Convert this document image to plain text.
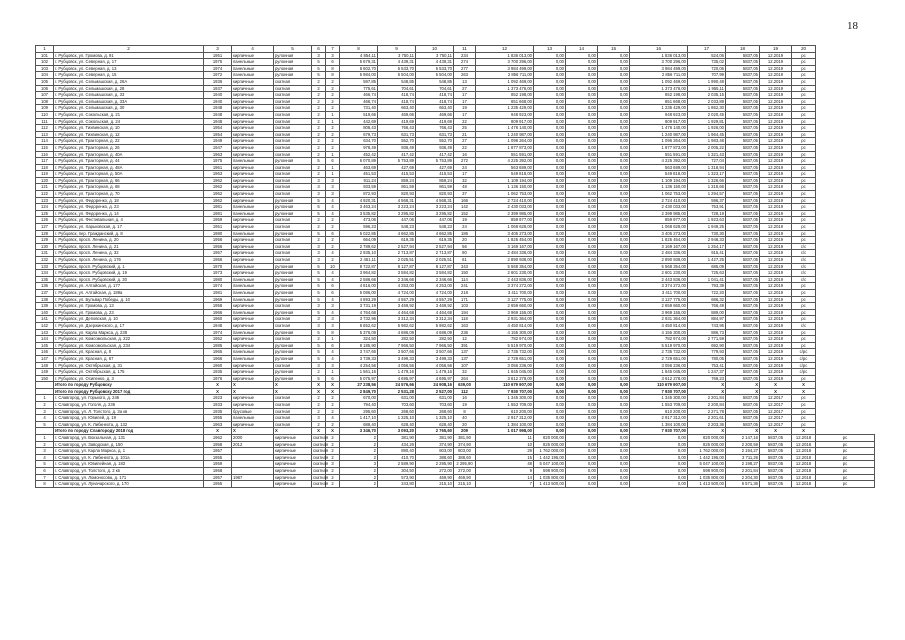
18
1	2	3	4	5	6	7	8	9	10	11	12	13	14	15	16	17	18	19	20	
101	г. Рубцовск, ул. Громова, д. 91	1951	кирпичные	рулонная	3	3	4 854,11	3 750,11	3 750,11	234	1 836 013,00	0,00	0,00	0,00	1 836 013,00	524,06	5837,05	12.2019	рс	
102	г. Рубцовск, ул. Северная, д. 17	1975	панельные	рулонная	5	6	5 679,31	4 439,31	4 439,31	274	3 700 296,00	0,00	0,00	0,00	3 700 296,00	735,02	5837,05	12.2019	рс	
103	г. Рубцовск, ул. Северная, д. 13	1974	панельные	рулонная	5	8	6 602,70	5 533,70	5 533,70	277	3 984 499,00	0,00	0,00	0,00	3 984 499,00	720,06	5837,05	12.2019	рс	
104	г. Рубцовск, ул. Северная, д. 15	1972	панельные	рулонная	5	8	5 984,00	5 504,00	5 504,00	263	2 856 711,00	0,00	0,00	0,00	2 856 711,00	707,99	5837,05	12.2019	рс	
105	г. Рубцовск, ул. Сельмашская, д. 26А	1936	кирпичные	скатная	2	2	597,85	548,85	548,85	13	1 092 469,00	0,00	0,00	0,00	1 092 469,00	1 990,48	5837,05	12.2019	рс	
106	г. Рубцовск, ул. Сельмашская, д. 28	1937	кирпичные	скатная	2	2	775,61	704,61	704,61	27	1 373 476,00	0,00	0,00	0,00	1 373 476,00	1 955,11	5837,05	12.2019	рс	
107	г. Рубцовск, ул. Сельмашская, д. 33	1940	кирпичные	скатная	2	2	466,74	418,74	418,74	17	852 198,00	0,00	0,00	0,00	852 198,00	2 035,15	5837,05	12.2019	рс	
108	г. Рубцовск, ул. Сельмашская, д. 33А	1940	кирпичные	скатная	2	2	466,74	418,74	418,74	17	851 668,00	0,00	0,00	0,00	851 668,00	2 033,89	5837,05	12.2019	рс	
109	г. Рубцовск, ул. Сельмашская, д. 30	1948	кирпичные	скатная	2	2	731,40	663,40	663,40	19	1 235 429,00	0,00	0,00	0,00	1 235 429,00	1 862,30	5837,05	12.2019	рс	
110	г. Рубцовск, ул. Сокольская, д. 21	1948	кирпичные	скатная	2	1	519,66	469,66	469,66	17	948 923,00	0,00	0,00	0,00	948 923,00	2 020,45	5837,05	12.2019	рс	
111	г. Рубцовск, ул. Сокольская, д. 24	1948	кирпичные	скатная	2	1	442,69	419,69	419,69	22	809 917,00	0,00	0,00	0,00	809 917,00	1 929,81	5837,05	12.2019	рс	
112	г. Рубцовск, ул. Тихвинская, д. 10	1954	кирпичные	скатная	2	2	808,43	766,43	766,43	25	1 476 140,00	0,00	0,00	0,00	1 476 140,00	1 926,00	5837,05	12.2019	рс	
113	г. Рубцовск, ул. Тихвинская, д. 12	1954	кирпичные	скатная	2	2	679,73	631,73	631,73	21	1 240 987,00	0,00	0,00	0,00	1 240 987,00	1 964,45	5837,05	12.2019	рс	
114	г. Рубцовск, ул. Тракторная, д. 22	1949	кирпичные	скатная	2	2	634,70	552,70	552,70	27	1 096 264,00	0,00	0,00	0,00	1 096 264,00	1 983,48	5837,05	12.2019	рс	
115	г. Рубцовск, ул. Тракторная, д. 26	1947	кирпичные	скатная	2	2	978,49	936,49	936,49	22	1 877 873,00	0,00	0,00	0,00	1 877 873,00	2 005,22	5837,05	12.2019	рс	
116	г. Рубцовск, ул. Тракторная, д. 40А	1963	кирпичные	скатная	2	1	452,42	417,42	417,42	16	551 591,00	0,00	0,00	0,00	551 591,00	1 321,43	5837,05	12.2019	рс	
117	г. Рубцовск, ул. Тракторная, д. 44	1975	панельные	рулонная	5	6	6 070,89	5 753,89	5 753,89	272	4 225 392,00	0,00	0,00	0,00	4 225 392,00	727,04	5837,05	12.2019	рс	
118	г. Рубцовск, ул. Тракторная, д. 48А	1961	кирпичные	скатная	2	1	463,69	427,69	427,69	24	563 689,00	0,00	0,00	0,00	563 689,00	1 318,94	5837,05	12.2019	рс	
119	г. Рубцовск, ул. Тракторная, д. 50А	1963	кирпичные	скатная	2	1	451,53	415,53	415,53	17	549 818,00	0,00	0,00	0,00	549 818,00	1 323,17	5837,05	12.2019	рс	
120	г. Рубцовск, ул. Тракторная, д. 66	1962	кирпичные	скатная	3	3	911,24	859,24	859,24	32	1 109 194,00	0,00	0,00	0,00	1 109 194,00	1 326,66	5837,05	12.2019	рс	
121	г. Рубцовск, ул. Тракторная, д. 68	1962	кирпичные	скатная	3	3	933,59	861,59	861,59	48	1 136 150,00	0,00	0,00	0,00	1 136 150,00	1 318,66	5837,05	12.2019	рс	
122	г. Рубцовск, ул. Тракторная, д. 70	1962	кирпичные	скатная	3	3	872,93	820,93	820,93	37	1 062 753,00	0,00	0,00	0,00	1 062 753,00	1 294,57	5837,05	12.2019	рс	
123	г. Рубцовск, ул. Федоренко, д. 18	1962	кирпичные	рулонная	5	4	4 920,31	4 568,31	4 568,31	166	2 724 410,00	0,00	0,00	0,00	2 724 410,00	596,37	5837,05	12.2019	рс	
124	г. Рубцовск, ул. Федоренко, д. 23	1981	панельные	рулонная	5	4	3 463,24	3 223,24	3 223,24	142	2 430 033,00	0,00	0,00	0,00	2 430 033,00	753,91	5837,05	12.2019	рс	
125	г. Рубцовск, ул. Федоренко, д. 14	1981	панельные	рулонная	5	4	3 535,82	3 295,82	3 295,82	152	2 399 985,00	0,00	0,00	0,00	2 399 985,00	728,19	5837,05	12.2019	рс	
126	г. Рубцовск, ул. Фестивальная, д. 4	1959	кирпичные	скатная	2	2	473,06	447,06	447,06	19	859 977,00	0,00	0,00	0,00	859 977,00	1 923,63	5837,05	12.2019	рс	
127	г. Рубцовск, ул. Харьковская, д. 17	1951	кирпичные	скатная	2	2	596,23	548,23	548,23	24	1 068 628,00	0,00	0,00	0,00	1 068 628,00	1 949,25	5837,05	12.2019	рс	
128	г. Рубцовск, пер. Гражданский, д. 8	1980	панельные	рулонная	5	6	5 022,85	4 662,85	4 662,85	186	3 405 273,00	0,00	0,00	0,00	3 405 273,00	730,30	5837,05	12.2019	рс	
129	г. Рубцовск, просп. Ленина, д. 20	1956	кирпичные	скатная	2	2	664,09	619,35	619,35	20	1 825 454,00	0,00	0,00	0,00	1 825 454,00	2 948,33	5837,05	12.2019	рс	
130	г. Рубцовск, просп. Ленина, д. 21	1956	кирпичные	скатная	3	2	2 789,62	2 527,94	2 527,94	56	3 169 167,00	0,00	0,00	0,00	3 169 167,00	1 254,17	5837,05	12.2019	с/с	
131	г. Рубцовск, просп. Ленина, д. 32	1957	кирпичные	скатная	3	4	2 935,10	2 713,87	2 713,87	80	2 484 336,00	0,00	0,00	0,00	2 484 336,00	915,41	5837,05	12.2019	с/с	
132	г. Рубцовск, просп. Ленина, д. 176	1956	кирпичные	скатная	3	2	2 451,11	2 025,51	2 025,51	61	2 890 938,00	0,00	0,00	0,00	2 890 938,00	1 427,25	5837,05	12.2019	с/с	
133	г. Рубцовск, просп. Рубцовский, д. 1	1970	панельные	рулонная	5	10	8 722,87	8 127,87	8 127,87	343	5 568 354,00	0,00	0,00	0,00	5 568 354,00	685,09	5837,05	12.2019	с/с	
134	г. Рубцовск, просп. Рубцовский, д. 19	1973	кирпичные	рулонная	5	4	3 964,82	3 584,82	3 584,82	150	2 601 230,00	0,00	0,00	0,00	2 601 230,00	725,63	5837,05	12.2019	с/с	
135	г. Рубцовск, просп. Рубцовский, д. 30	1980	панельные	рулонная	5	4	2 586,66	2 346,66	2 346,66	114	2 443 836,00	0,00	0,00	0,00	2 443 836,00	1 041,41	5837,05	12.2019	с/с	
136	г. Рубцовск, ул. Алтайская, д. 177	1974	панельные	рулонная	5	6	4 616,00	4 253,00	4 253,00	241	3 374 272,00	0,00	0,00	0,00	3 374 272,00	793,39	5837,05	12.2019	рс	
137	г. Рубцовск, ул. Алтайская, д. 189а	1981	панельные	рулонная	5	6	5 086,00	4 724,00	4 724,00	218	3 411 700,00	0,00	0,00	0,00	3 411 700,00	722,20	5837,05	12.2019	рс	
138	г. Рубцовск, ул. Бульвар Победы, д. 10	1969	панельные	рулонная	5	4	4 893,29	4 557,29	4 557,29	171	3 127 775,00	0,00	0,00	0,00	3 127 775,00	686,32	5837,05	12.2019	рс	
139	г. Рубцовск, ул. Громова, д. 13	1958	кирпичные	скатная	3	3	3 731,19	3 469,92	3 469,92	103	2 659 660,00	0,00	0,00	0,00	2 659 660,00	766,49	5837,05	12.2019	рс	
140	г. Рубцовск, ул. Громова, д. 23	1966	панельные	рулонная	5	4	4 764,68	4 464,68	4 464,68	194	3 969 155,00	0,00	0,00	0,00	3 969 155,00	889,00	5837,05	12.2019	рс	
141	г. Рубцовск, ул. Деповская, д. 10	1960	кирпичные	скатная	3	3	3 732,96	3 312,34	3 312,34	118	2 931 364,00	0,00	0,00	0,00	2 931 364,00	884,97	5837,05	12.2019	рс	
142	г. Рубцовск, ул. Дзержинского, д. 17	1948	кирпичные	скатная	3	3	6 652,62	5 982,62	5 982,62	163	4 450 814,00	0,00	0,00	0,00	4 450 814,00	743,95	5837,05	12.2019	с/с	
143	г. Рубцовск, ул. Карла Маркса, д. 238	1974	панельные	рулонная	5	8	5 376,09	4 686,09	4 686,09	236	4 155 300,00	0,00	0,00	0,00	4 155 300,00	886,73	5837,05	12.2019	рс	
144	г. Рубцовск, ул. Комсомольская, д. 222	1952	кирпичные	скатная	2	1	324,50	282,50	282,50	12	782 974,00	0,00	0,00	0,00	782 974,00	2 771,59	5837,05	12.2019	рс	
145	г. Рубцовск, ул. Комсомольская, д. 234	1985	кирпичные	рулонная	5	6	8 185,90	7 966,50	7 966,50	391	5 519 970,00	0,00	0,00	0,00	5 519 970,00	692,90	5837,05	12.2019	рс	
146	г. Рубцовск, ул. Красная, д. 8	1965	панельные	рулонная	5	4	3 747,66	3 507,66	3 507,66	137	2 735 732,00	0,00	0,00	0,00	2 735 732,00	779,93	5837,05	12.2019	с/рс	
147	г. Рубцовск, ул. Красная, д. 67	1966	панельные	рулонная	5	4	3 739,33	3 499,33	3 499,33	137	2 729 651,00	0,00	0,00	0,00	2 729 651,00	780,05	5837,05	12.2019	с/рс	
148	г. Рубцовск, ул. Октябрьская, д. 31	1960	кирпичные	скатная	3	3	4 254,56	4 056,56	4 056,56	107	3 056 236,00	0,00	0,00	0,00	3 056 236,00	753,41	5837,05	12.2019	с/рс	
149	г. Рубцовск, ул. Октябрьская, д. 175	1935	кирпичные	рулонная	2	1	1 561,16	1 479,16	1 479,16	32	1 845 045,00	0,00	0,00	0,00	1 845 045,00	1 247,37	5837,05	12.2019	с/рс	
150	г. Рубцовск, ул. Осипенко, д. 3	1976	кирпичные	рулонная	5	6	5 075,97	4 695,97	4 695,97	264	3 612 278,00	0,00	0,00	0,00	3 612 278,00	769,23	5837,05	12.2019	рс	
	Итого по городу Рубцовску	X	X	X	X	X	27 238,56	24 576,66	24 908,16	639,00	110 679 907,00	0,00	0,00	0,00	110 679 907,00	X	X	X	X	
	Итого по городу Рубцовску 2017 год	X	X	X	X	X	2 849,70	2 531,28	2 527,00	112	7 930 707,00	0,00	0,00	0,00	7 930 707,00	X	X	X	X	
1	г. Славгород, ул. Горького, д. 246	1923	кирпичные	скатная	2	2	670,00	631,00	631,00	16	1 345 300,00	0,00	0,00	0,00	1 345 300,00	2 201,84	5837,05	12.2017	рс	
2	г. Славгород, ул. Гоголя, д. 236	1933	кирпичные	скатная	2	2	794,40	703,60	703,60	19	1 553 709,00	0,00	0,00	0,00	1 553 709,00	2 200,84	5837,05	12.2017	рс	
3	г. Славгород, ул. Л. Толстого, д. 3а кв	1935	брусовые	скатная	2	2	295,60	268,60	268,60	8	610 200,00	0,00	0,00	0,00	610 200,00	2 271,78	5837,05	12.2017	рс	
4	г. Славгород, ул. Ювилей, д. 19	1955	панельные	скатная	3	4	1 417,10	1 325,10	1 325,10	40	2 917 312,00	0,00	0,00	0,00	2 917 312,00	2 201,61	5837,05	12.2017	рс	
5	г. Славгород, ул. К. Либкнехта, д. 132	1963	кирпичные	скатная	2	2	688,40	628,40	628,40	20	1 384 100,00	0,00	0,00	0,00	1 384 100,00	2 203,36	5837,05	12.2017	рс	
	Итого по городу Славгороду 2018 год	X	X	X	X	X	3 346,70	3 093,20	2 765,60	209	1 017 998,00	0,00	0,00	0,00	7 930 707,00	X	X	X	X	
1	г. Славгород, ул. Вокзальная, д. 131	1962	2000	кирпичные	скатная	2	2	381,90	381,90	381,90	11	820 000,00	0,00	0,00	0,00	820 000,00	2 147,16	5837,05	12.2018	рс
2	г. Славгород, ул. Заводская, д. 150	1958	2012	кирпичные	скатная	2	2	434,26	374,90	374,90	10	825 000,00	0,00	0,00	0,00	825 000,00	2 200,59	5837,05	12.2018	рс
3	г. Славгород, ул. Карла Маркса, д. 1	1957		кирпичные	скатная	2	2	890,40	803,00	803,00	29	1 762 000,00	0,00	0,00	0,00	1 762 000,00	2 194,27	5837,05	12.2018	рс
4	г. Славгород, ул. К. Либкнехта, д. 101а	1955		кирпичные	скатная	2	2	410,70	388,60	388,60	15	1 442 195,00	0,00	0,00	0,00	1 442 195,00	3 711,26	5837,05	12.2018	рс
5	г. Славгород, ул. Ювилейная, д. 183	1959		кирпичные	скатная	3	3	2 589,90	2 295,90	2 295,90	48	5 047 100,00	0,00	0,00	0,00	5 047 100,00	2 198,27	5837,05	12.2018	рс
6	г. Славгород, ул. Толстого, д. 2 кв	1958		кирпичные	скатная	2	2	304,50	272,00	272,00	9	598 900,00	0,00	0,00	0,00	598 900,00	2 201,84	5837,05	12.2018	рс
7	г. Славгород, ул. Ломоносова, д. 171	1957	1987	кирпичные	скатная	2	2	573,90	469,90	469,90	14	1 035 800,00	0,00	0,00	0,00	1 035 800,00	2 204,30	5837,05	12.2018	рс
8	г. Славгород, ул. Луначарского, д. 170	1955		кирпичные	скатная	2	2	243,80	215,10	215,10	7	1 413 500,00	0,00	0,00	0,00	1 413 500,00	6 571,36	5837,05	12.2018	рс
